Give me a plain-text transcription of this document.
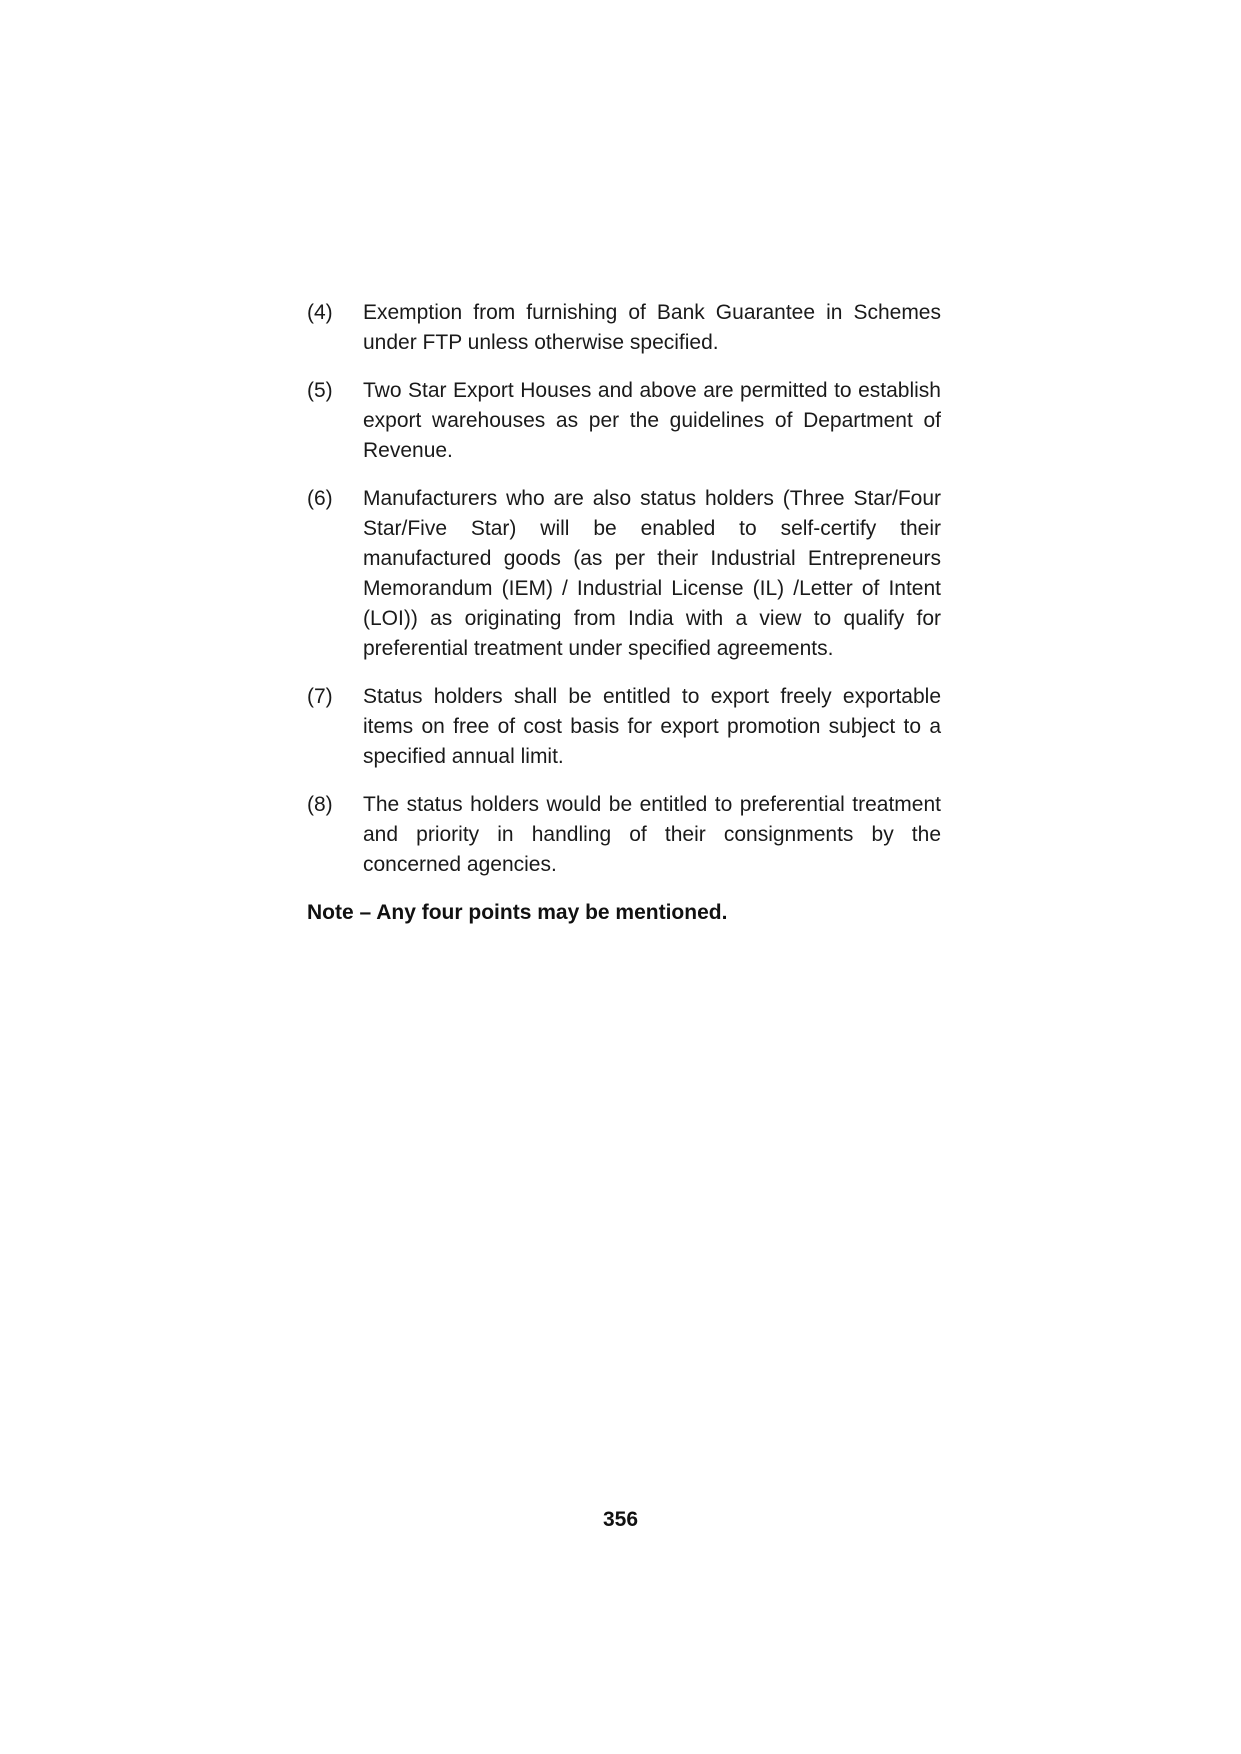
(4)	Exemption from furnishing of Bank Guarantee in Schemes under FTP unless otherwise specified.
(5)	Two Star Export Houses and above are permitted to establish export warehouses as per the guidelines of Department of Revenue.
(6)	Manufacturers who are also status holders (Three Star/Four Star/Five Star) will be enabled to self-certify their manufactured goods (as per their Industrial Entrepreneurs Memorandum (IEM) / Industrial License (IL) /Letter of Intent (LOI)) as originating from India with a view to qualify for preferential treatment under specified agreements.
(7)	Status holders shall be entitled to export freely exportable items on free of cost basis for export promotion subject to a specified annual limit.
(8)	The status holders would be entitled to preferential treatment and priority in handling of their consignments by the concerned agencies.
Note – Any four points may be mentioned.
356
